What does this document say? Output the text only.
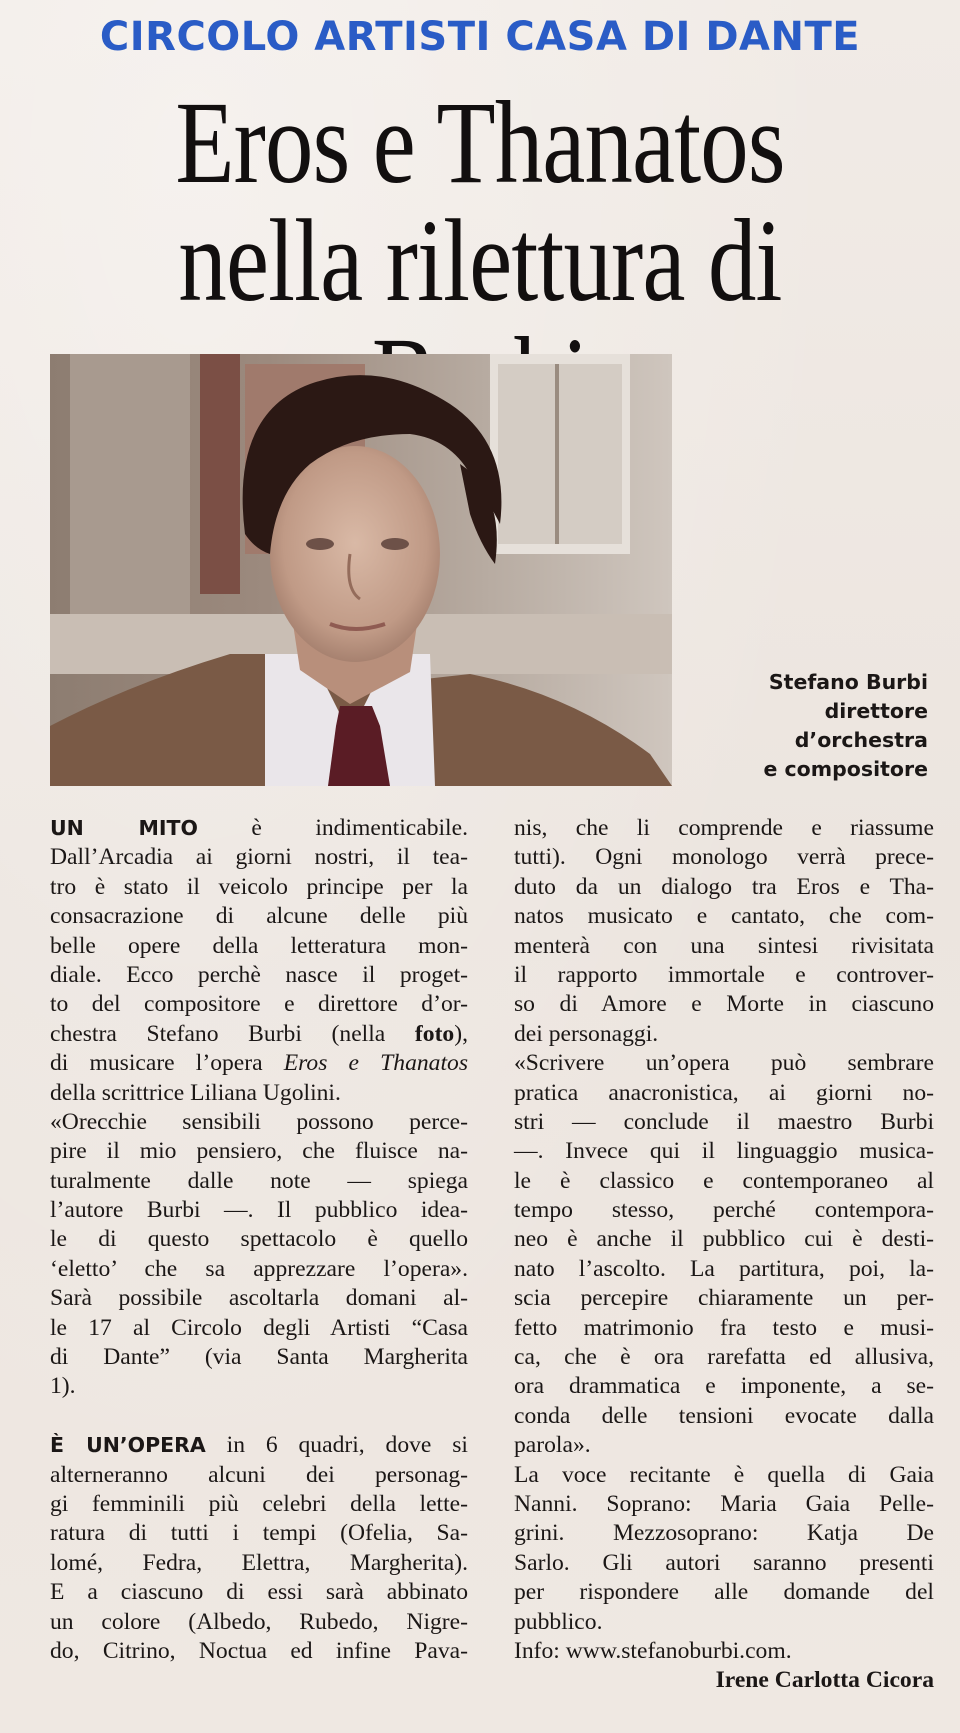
CIRCOLO ARTISTI CASA DI DANTE
Eros e Thanatos
nella rilettura di
Stefano Burbi
direttore
d’orchestra
e compositore
UN MITO è indimenticabile.
Dall’Arcadia ai giorni nostri, il tea-
tro è stato il veicolo principe per la
consacrazione di alcune delle più
belle opere della letteratura mon-
diale. Ecco perchè nasce il proget-
to del compositore e direttore d’or-
chestra Stefano Burbi (nella foto),
di musicare l’opera Eros e Thanatos
della scrittrice Liliana Ugolini.
«Orecchie sensibili possono perce-
pire il mio pensiero, che fluisce na-
turalmente dalle note — spiega
l’autore Burbi —. Il pubblico idea-
le di questo spettacolo è quello
‘eletto’ che sa apprezzare l’opera».
Sarà possibile ascoltarla domani al-
le 17 al Circolo degli Artisti “Casa
di Dante” (via Santa Margherita
1).
È UN’OPERA in 6 quadri, dove si
alterneranno alcuni dei personag-
gi femminili più celebri della lette-
ratura di tutti i tempi (Ofelia, Sa-
lomé, Fedra, Elettra, Margherita).
E a ciascuno di essi sarà abbinato
un colore (Albedo, Rubedo, Nigre-
do, Citrino, Noctua ed infine Pava-
nis, che li comprende e riassume
tutti). Ogni monologo verrà prece-
duto da un dialogo tra Eros e Tha-
natos musicato e cantato, che com-
menterà con una sintesi rivisitata
il rapporto immortale e controver-
so di Amore e Morte in ciascuno
dei personaggi.
«Scrivere un’opera può sembrare
pratica anacronistica, ai giorni no-
stri — conclude il maestro Burbi
—. Invece qui il linguaggio musica-
le è classico e contemporaneo al
tempo stesso, perché contempora-
neo è anche il pubblico cui è desti-
nato l’ascolto. La partitura, poi, la-
scia percepire chiaramente un per-
fetto matrimonio fra testo e musi-
ca, che è ora rarefatta ed allusiva,
ora drammatica e imponente, a se-
conda delle tensioni evocate dalla
parola».
La voce recitante è quella di Gaia
Nanni. Soprano: Maria Gaia Pelle-
grini. Mezzosoprano: Katja De
Sarlo. Gli autori saranno presenti
per rispondere alle domande del
pubblico.
Info: www.stefanoburbi.com.
Irene Carlotta Cicora
